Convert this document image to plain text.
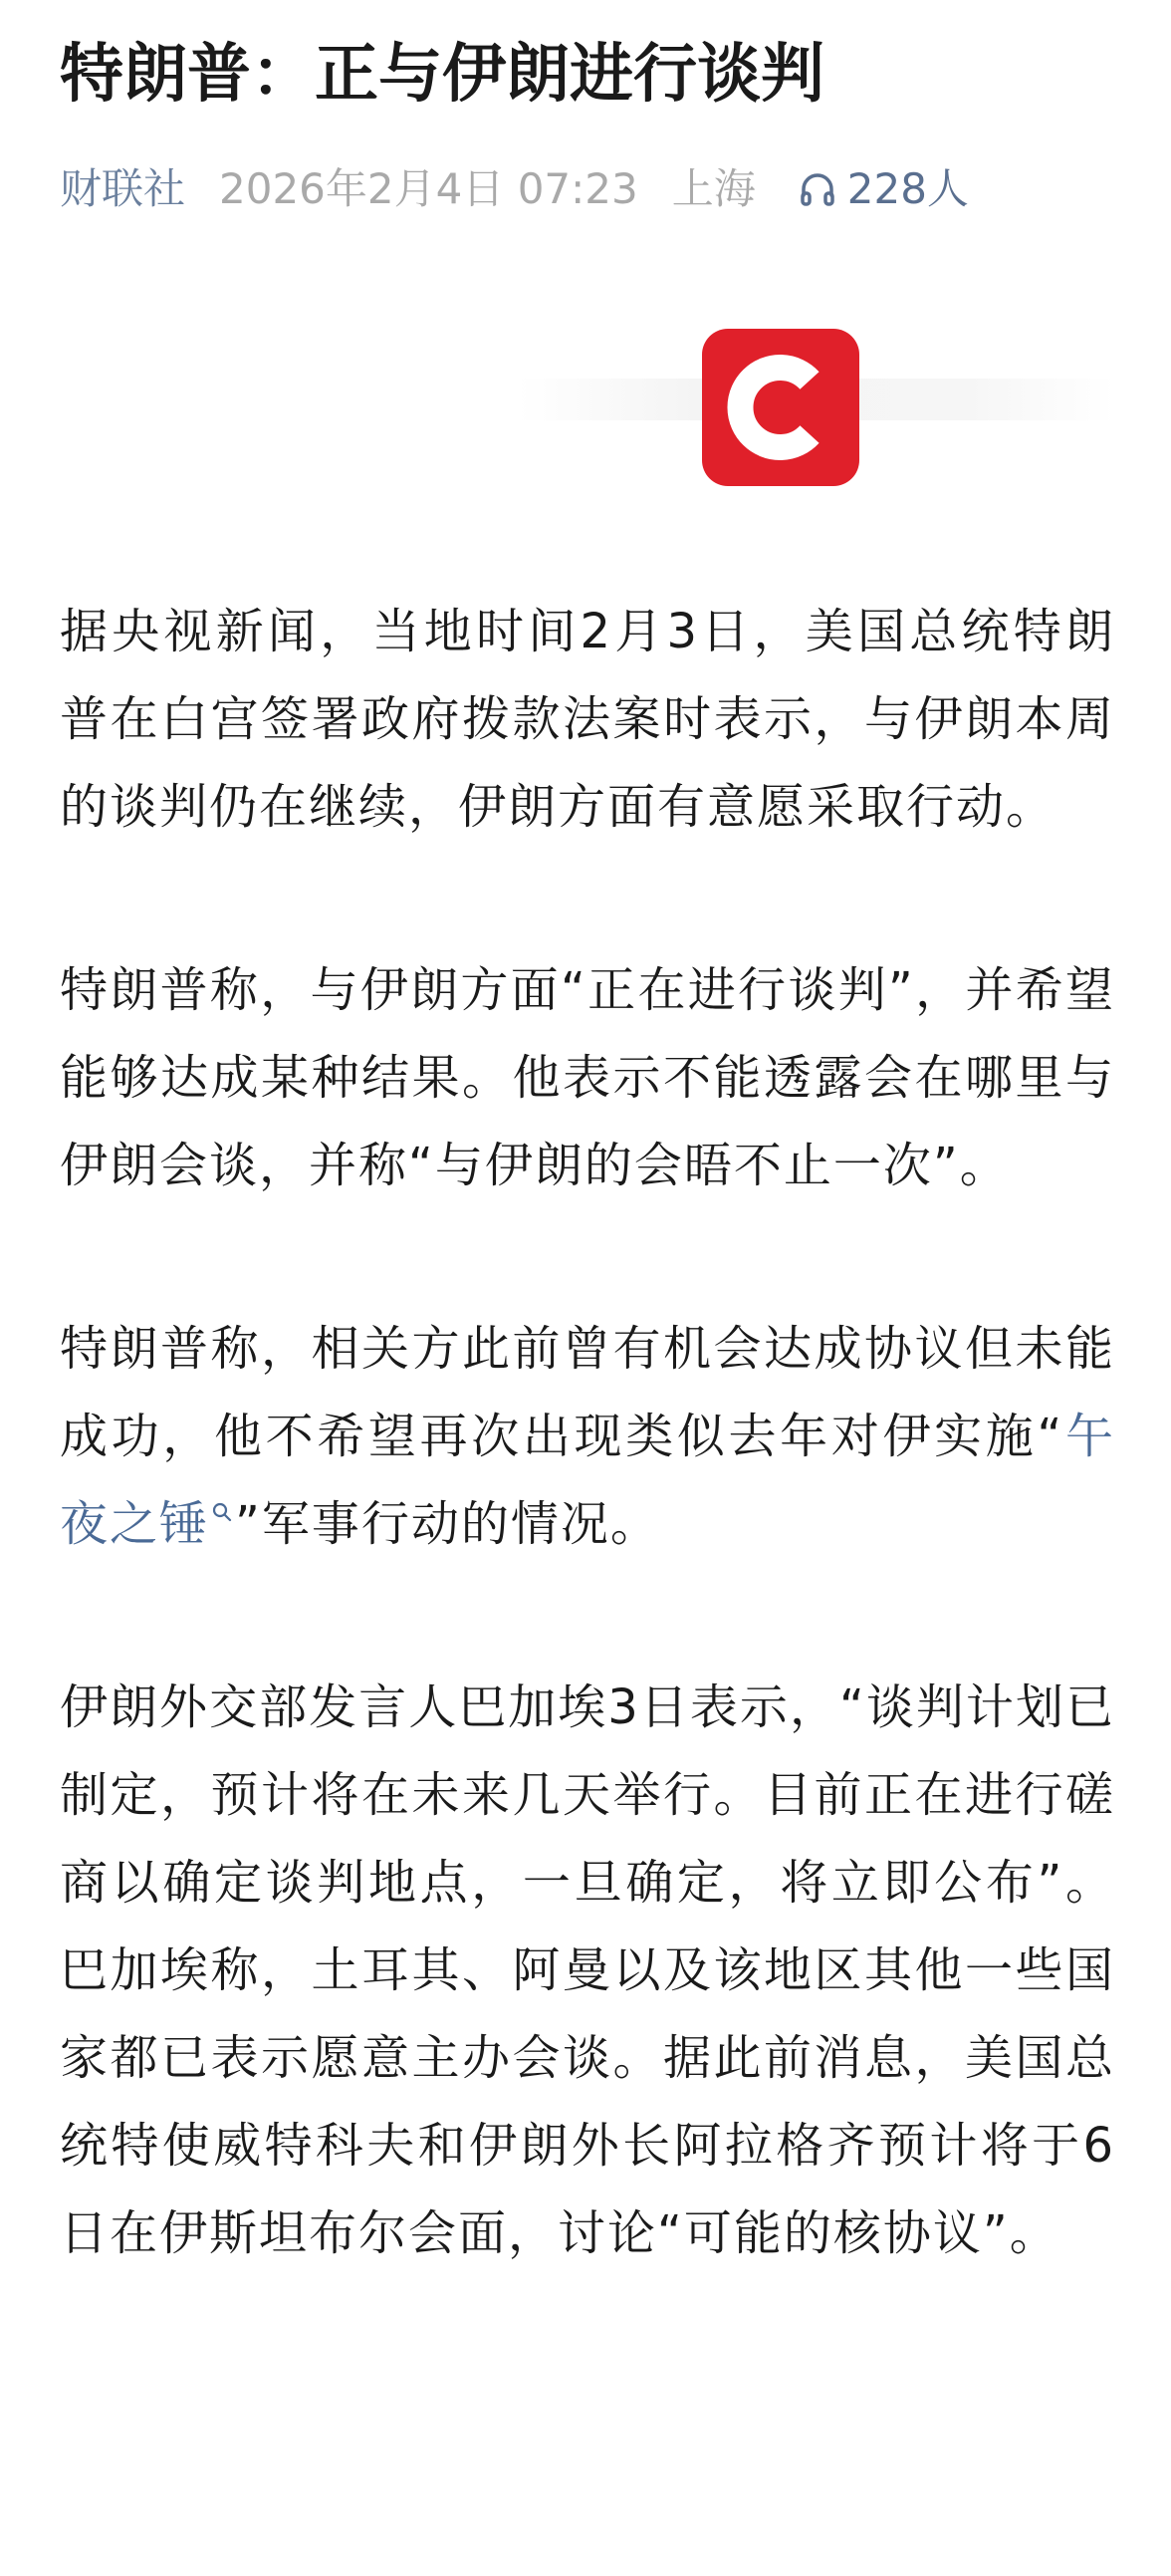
特朗普：正与伊朗进行谈判
财联社 2026年2月4日 07:23 上海 228人

据央视新闻，当地时间2月3日，美国总统特朗普在白宫签署政府拨款法案时表示，与伊朗本周的谈判仍在继续，伊朗方面有意愿采取行动。

特朗普称，与伊朗方面“正在进行谈判”，并希望能够达成某种结果。他表示不能透露会在哪里与伊朗会谈，并称“与伊朗的会晤不止一次”。

特朗普称，相关方此前曾有机会达成协议但未能成功，他不希望再次出现类似去年对伊实施“午夜之锤 ”军事行动的情况。

伊朗外交部发言人巴加埃3日表示，“谈判计划已制定，预计将在未来几天举行。目前正在进行磋商以确定谈判地点，一旦确定，将立即公布”。巴加埃称，土耳其、阿曼以及该地区其他一些国家都已表示愿意主办会谈。据此前消息，美国总统特使威特科夫和伊朗外长阿拉格齐预计将于6日在伊斯坦布尔会面，讨论“可能的核协议”。
